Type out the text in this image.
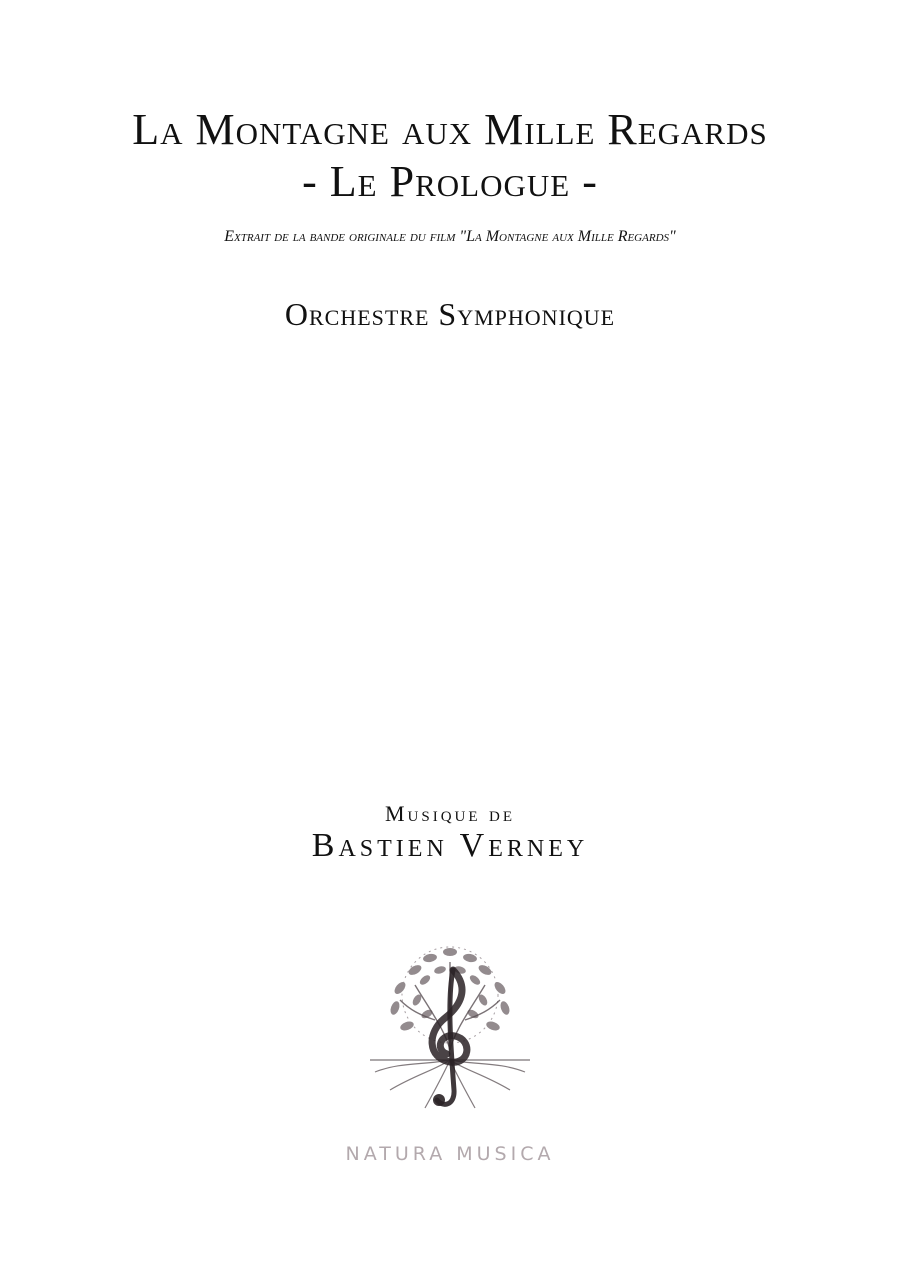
La Montagne aux Mille Regards
- Le Prologue -
Extrait de la bande originale du film "La Montagne aux Mille Regards"
Orchestre Symphonique
Musique de
Bastien Verney
NATURA MUSICA
